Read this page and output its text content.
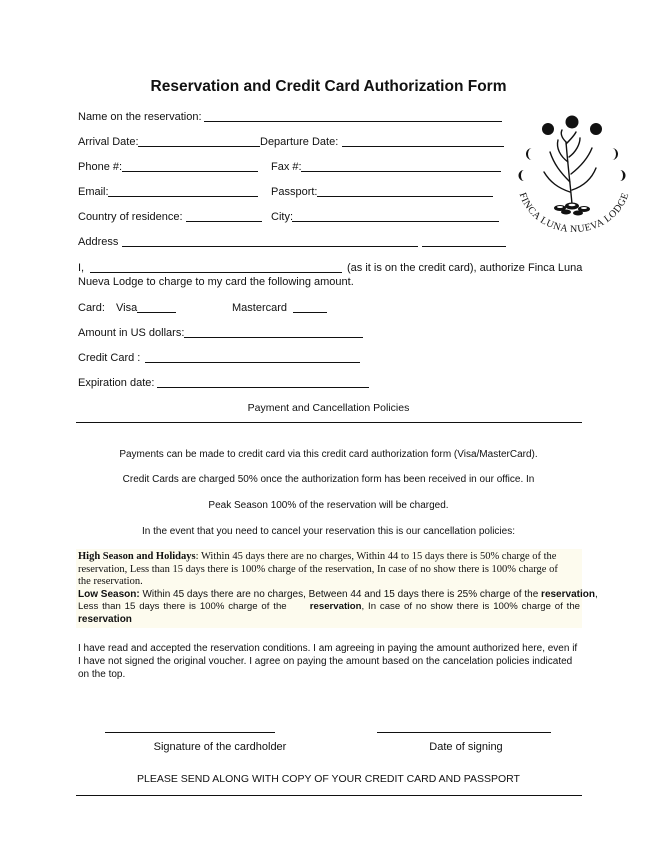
Reservation and Credit Card Authorization Form
Name on the reservation:
Arrival Date:	Departure Date:
Phone #:	Fax #:
Email:	Passport:
Country of residence:	City:
Address
I,	(as it is on the credit card), authorize Finca Luna
Nueva Lodge to charge to my card the following amount.
Card: Visa	Mastercard
Amount in US dollars:
Credit Card :
Expiration date:
Payment and Cancellation Policies
Payments can be made to credit card via this credit card authorization form (Visa/MasterCard).
Credit Cards are charged 50% once the authorization form has been received in our office. In
Peak Season 100% of the reservation will be charged.
In the event that you need to cancel your reservation this is our cancellation policies:
High Season and Holidays: Within 45 days there are no charges, Within 44 to 15 days there is 50% charge of the
reservation, Less than 15 days there is 100% charge of the reservation, In case of no show there is 100% charge of
the reservation.
Low Season: Within 45 days there are no charges, Between 44 and 15 days there is 25% charge of the reservation,
Less than 15 days there is 100% charge of the      reservation, In case of no show there is 100% charge of the
reservation
I have read and accepted the reservation conditions. I am agreeing in paying the amount authorized here, even if I have not signed the original voucher. I agree on paying the amount based on the cancelation policies indicated on the top.
Signature of the cardholder	Date of signing
PLEASE SEND ALONG WITH COPY OF YOUR CREDIT CARD AND PASSPORT
FINCA LUNA NUEVA LODGE
